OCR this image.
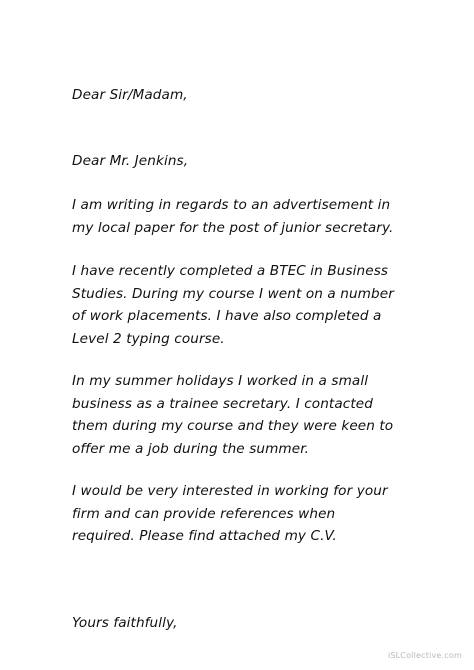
Dear Sir/Madam,
Dear Mr. Jenkins,
I am writing in regards to an advertisement in
my local paper for the post of junior secretary.
I have recently completed a BTEC in Business
Studies. During my course I went on a number
of work placements. I have also completed a
Level 2 typing course.
In my summer holidays I worked in a small
business as a trainee secretary. I contacted
them during my course and they were keen to
offer me a job during the summer.
I would be very interested in working for your
firm and can provide references when
required. Please find attached my C.V.
Yours faithfully,
iSLCollective.com
